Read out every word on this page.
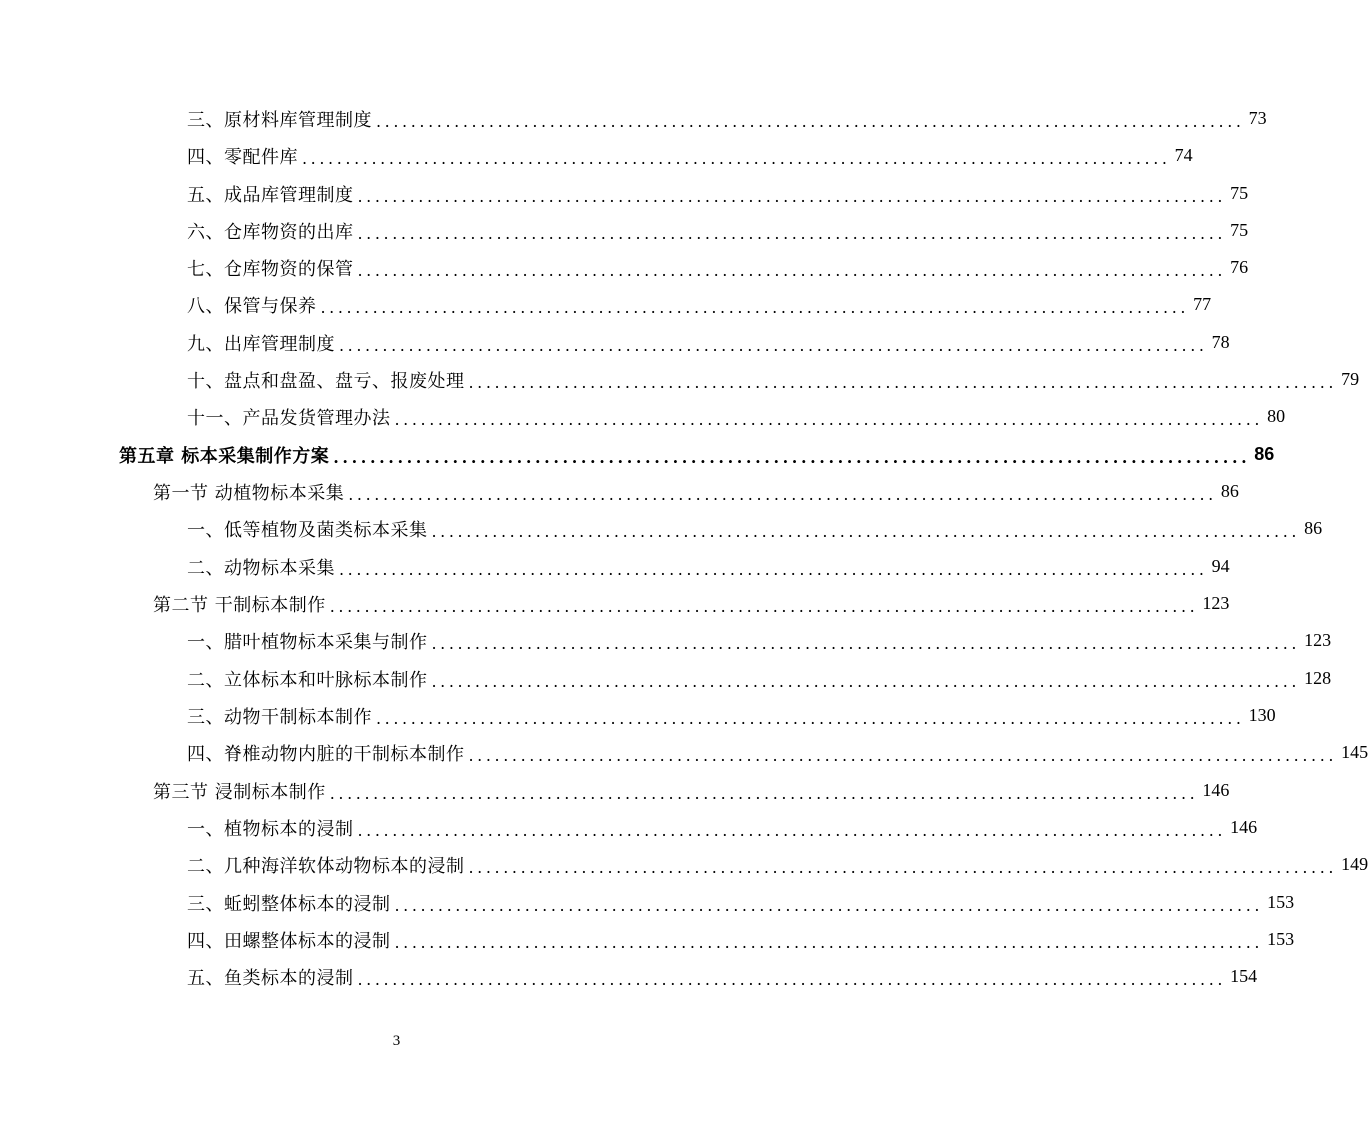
三、原材料库管理制度 .................................................................................................... 73
四、零配件库 .................................................................................................... 74
五、成品库管理制度 .................................................................................................... 75
六、仓库物资的出库 .................................................................................................... 75
七、仓库物资的保管 .................................................................................................... 76
八、保管与保养 .................................................................................................... 77
九、出库管理制度 .................................................................................................... 78
十、盘点和盘盈、盘亏、报废处理 .................................................................................................... 79
十一、产品发货管理办法 .................................................................................................... 80
第五章 标本采集制作方案 .................................................................................................... 86
第一节 动植物标本采集 .................................................................................................... 86
一、低等植物及菌类标本采集 .................................................................................................... 86
二、动物标本采集 .................................................................................................... 94
第二节 干制标本制作 .................................................................................................... 123
一、腊叶植物标本采集与制作 .................................................................................................... 123
二、立体标本和叶脉标本制作 .................................................................................................... 128
三、动物干制标本制作 .................................................................................................... 130
四、脊椎动物内脏的干制标本制作 .................................................................................................... 145
第三节 浸制标本制作 .................................................................................................... 146
一、植物标本的浸制 .................................................................................................... 146
二、几种海洋软体动物标本的浸制 .................................................................................................... 149
三、蚯蚓整体标本的浸制 .................................................................................................... 153
四、田螺整体标本的浸制 .................................................................................................... 153
五、鱼类标本的浸制 .................................................................................................... 154
3
